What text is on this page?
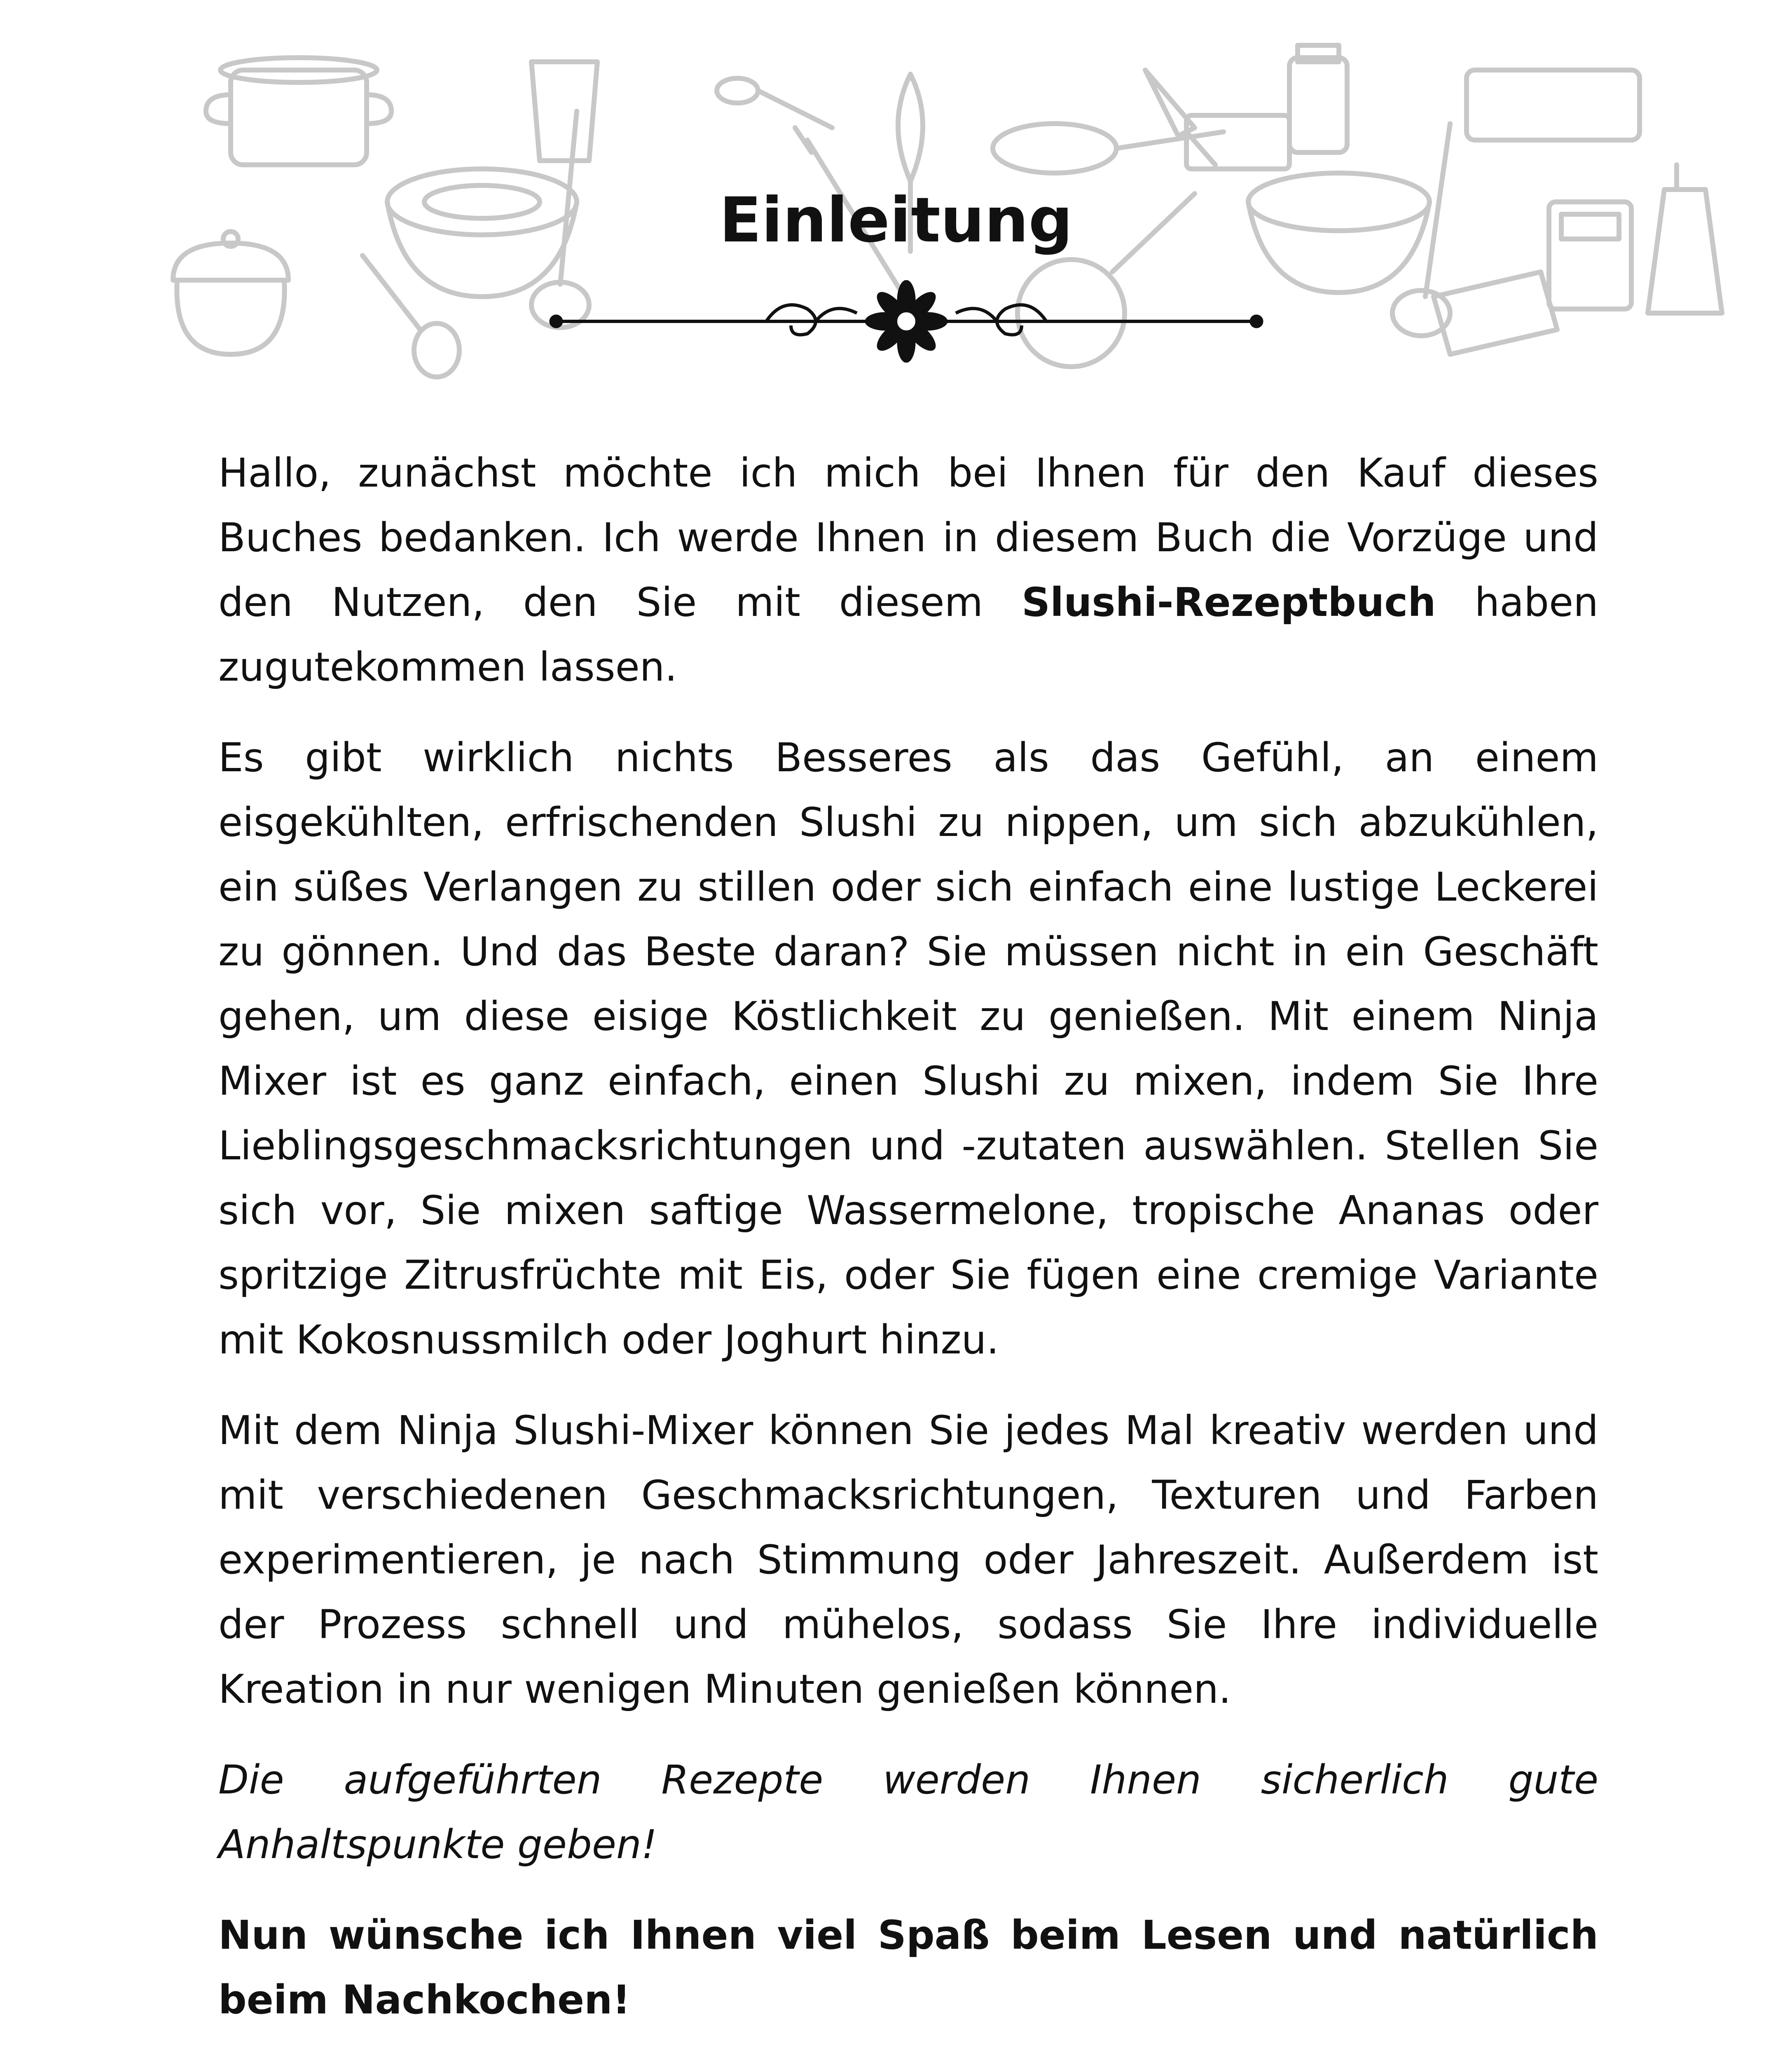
Einleitung

Hallo, zunächst möchte ich mich bei Ihnen für den Kauf dieses Buches bedanken. Ich werde Ihnen in diesem Buch die Vorzüge und den Nutzen, den Sie mit diesem Slushi-Rezeptbuch haben zugutekommen lassen.

Es gibt wirklich nichts Besseres als das Gefühl, an einem eisgekühlten, erfrischenden Slushi zu nippen, um sich abzukühlen, ein süßes Verlangen zu stillen oder sich einfach eine lustige Leckerei zu gönnen. Und das Beste daran? Sie müssen nicht in ein Geschäft gehen, um diese eisige Köstlichkeit zu genießen. Mit einem Ninja Mixer ist es ganz einfach, einen Slushi zu mixen, indem Sie Ihre Lieblingsgeschmacksrichtungen und -zutaten auswählen. Stellen Sie sich vor, Sie mixen saftige Wassermelone, tropische Ananas oder spritzige Zitrusfrüchte mit Eis, oder Sie fügen eine cremige Variante mit Kokosnussmilch oder Joghurt hinzu.

Mit dem Ninja Slushi-Mixer können Sie jedes Mal kreativ werden und mit verschiedenen Geschmacksrichtungen, Texturen und Farben experimentieren, je nach Stimmung oder Jahreszeit. Außerdem ist der Prozess schnell und mühelos, sodass Sie Ihre individuelle Kreation in nur wenigen Minuten genießen können.

Die aufgeführten Rezepte werden Ihnen sicherlich gute Anhaltspunkte geben!

Nun wünsche ich Ihnen viel Spaß beim Lesen und natürlich beim Nachkochen!
